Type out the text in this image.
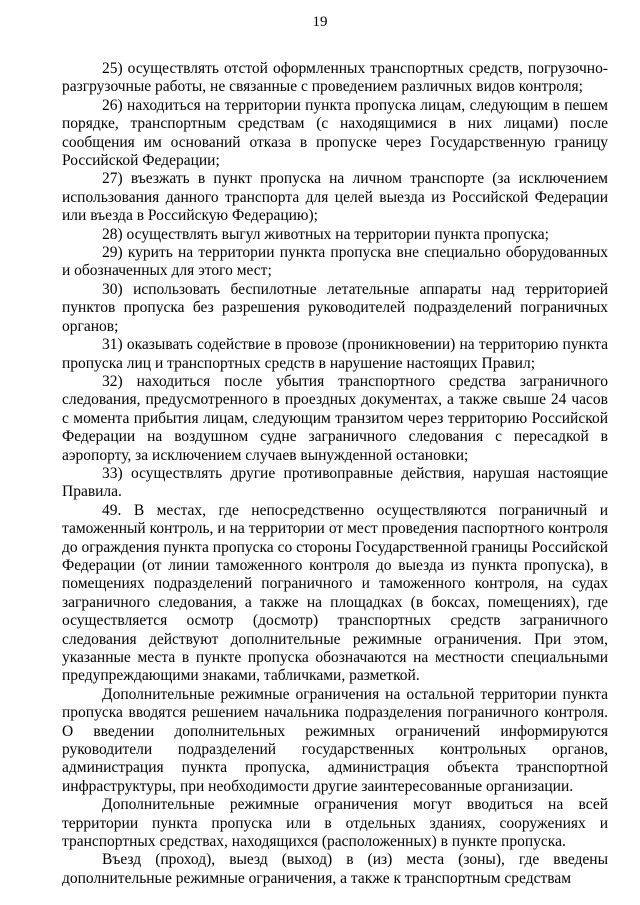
19

25) осуществлять отстой оформленных транспортных средств, погрузочно-разгрузочные работы, не связанные с проведением различных видов контроля;

26) находиться на территории пункта пропуска лицам, следующим в пешем порядке, транспортным средствам (с находящимися в них лицами) после сообщения им оснований отказа в пропуске через Государственную границу Российской Федерации;

27) въезжать в пункт пропуска на личном транспорте (за исключением использования данного транспорта для целей выезда из Российской Федерации или въезда в Российскую Федерацию);

28) осуществлять выгул животных на территории пункта пропуска;

29) курить на территории пункта пропуска вне специально оборудованных и обозначенных для этого мест;

30) использовать беспилотные летательные аппараты над территорией пунктов пропуска без разрешения руководителей подразделений пограничных органов;

31) оказывать содействие в провозе (проникновении) на территорию пункта пропуска лиц и транспортных средств в нарушение настоящих Правил;

32) находиться после убытия транспортного средства заграничного следования, предусмотренного в проездных документах, а также свыше 24 часов с момента прибытия лицам, следующим транзитом через территорию Российской Федерации на воздушном судне заграничного следования с пересадкой в аэропорту, за исключением случаев вынужденной остановки;

33) осуществлять другие противоправные действия, нарушая настоящие Правила.

49. В местах, где непосредственно осуществляются пограничный и таможенный контроль, и на территории от мест проведения паспортного контроля до ограждения пункта пропуска со стороны Государственной границы Российской Федерации (от линии таможенного контроля до выезда из пункта пропуска), в помещениях подразделений пограничного и таможенного контроля, на судах заграничного следования, а также на площадках (в боксах, помещениях), где осуществляется осмотр (досмотр) транспортных средств заграничного следования действуют дополнительные режимные ограничения. При этом, указанные места в пункте пропуска обозначаются на местности специальными предупреждающими знаками, табличками, разметкой.

Дополнительные режимные ограничения на остальной территории пункта пропуска вводятся решением начальника подразделения пограничного контроля. О введении дополнительных режимных ограничений информируются руководители подразделений государственных контрольных органов, администрация пункта пропуска, администрация объекта транспортной инфраструктуры, при необходимости другие заинтересованные организации.

Дополнительные режимные ограничения могут вводиться на всей территории пункта пропуска или в отдельных зданиях, сооружениях и транспортных средствах, находящихся (расположенных) в пункте пропуска.

Въезд (проход), выезд (выход) в (из) места (зоны), где введены дополнительные режимные ограничения, а также к транспортным средствам
